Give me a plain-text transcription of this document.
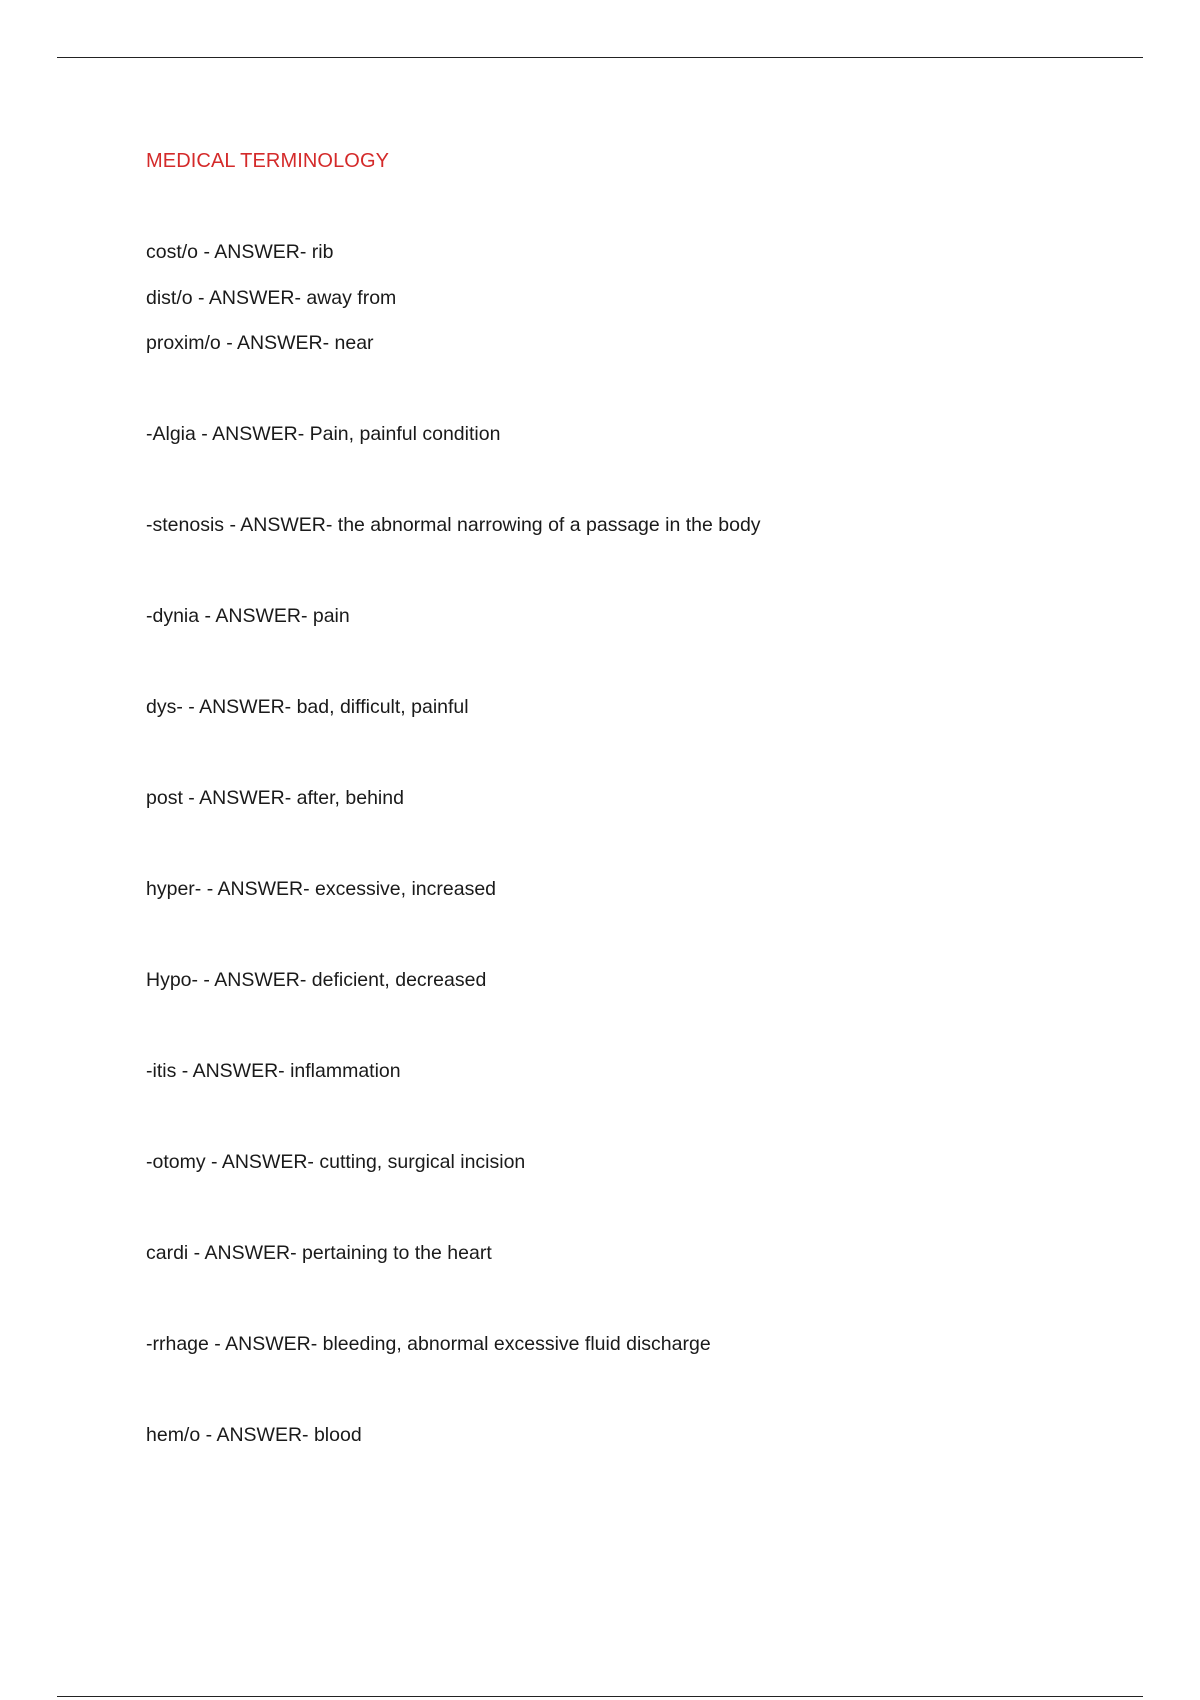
MEDICAL TERMINOLOGY
cost/o - ANSWER- rib
dist/o - ANSWER- away from
proxim/o - ANSWER- near
-Algia - ANSWER- Pain, painful condition
-stenosis - ANSWER- the abnormal narrowing of a passage in the body
-dynia - ANSWER- pain
dys- - ANSWER- bad, difficult, painful
post - ANSWER- after, behind
hyper- - ANSWER- excessive, increased
Hypo- - ANSWER- deficient, decreased
-itis - ANSWER- inflammation
-otomy - ANSWER- cutting, surgical incision
cardi - ANSWER- pertaining to the heart
-rrhage - ANSWER- bleeding, abnormal excessive fluid discharge
hem/o - ANSWER- blood
